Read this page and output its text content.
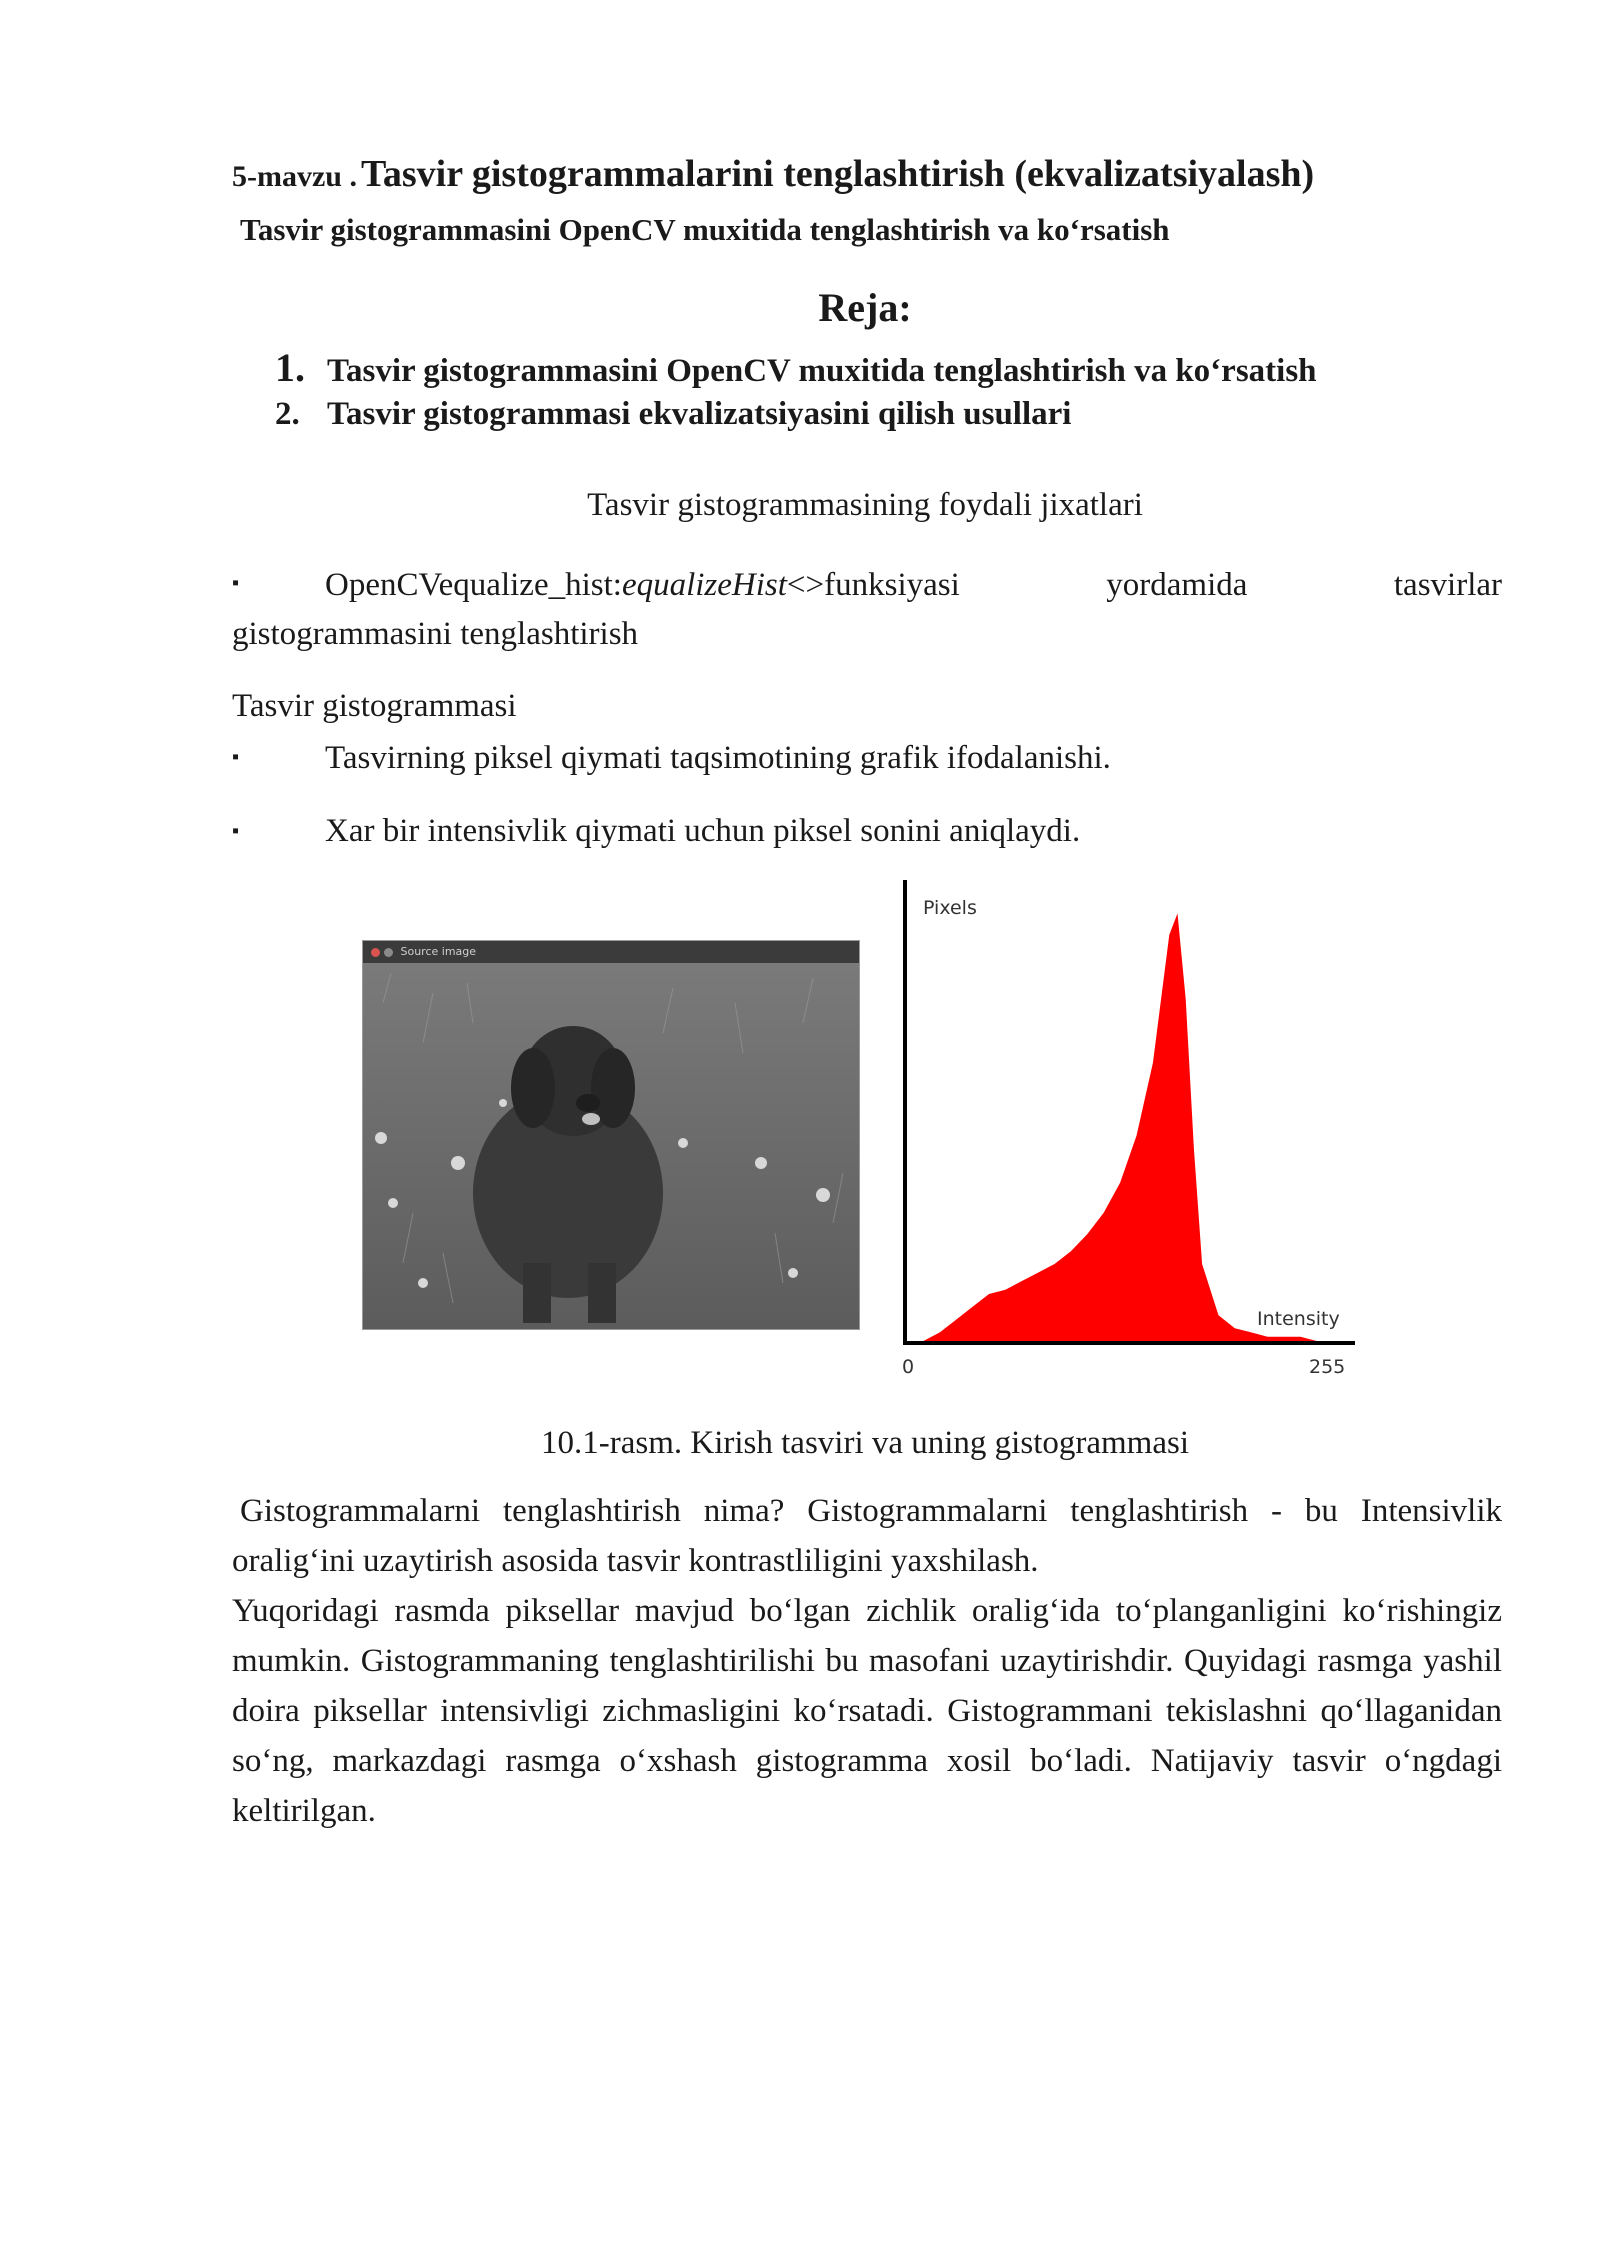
5-mavzu . Tasvir gistogrammalarini tenglashtirish (ekvalizatsiyalash)
Tasvir gistogrammasini OpenCV muxitida tenglashtirish va ko‘rsatish
Reja:
1. Tasvir gistogrammasini OpenCV muxitida tenglashtirish va ko‘rsatish
2. Tasvir gistogrammasi ekvalizatsiyasini qilish usullari
Tasvir gistogrammasining foydali jixatlari
▪	OpenCVequalize_hist:equalizeHist<>funksiyasi	yordamida	tasvirlar
gistogrammasini tenglashtirish
Tasvir gistogrammasi
▪	Tasvirning piksel qiymati taqsimotining grafik ifodalanishi.
▪	Xar bir intensivlik qiymati uchun piksel sonini aniqlaydi.
Source image
Pixels
Intensity
0	255
10.1-rasm. Kirish tasviri va uning gistogrammasi

Gistogrammalarni tenglashtirish nima? Gistogrammalarni tenglashtirish - bu Intensivlik oralig‘ini uzaytirish asosida tasvir kontrastliligini yaxshilash.

Yuqoridagi rasmda piksellar mavjud bo‘lgan zichlik oralig‘ida to‘planganligini ko‘rishingiz mumkin. Gistogrammaning tenglashtirilishi bu masofani uzaytirishdir. Quyidagi rasmga yashil doira piksellar intensivligi zichmasligini ko‘rsatadi. Gistogrammani tekislashni qo‘llaganidan so‘ng, markazdagi rasmga o‘xshash gistogramma xosil bo‘ladi. Natijaviy tasvir o‘ngdagi keltirilgan.
